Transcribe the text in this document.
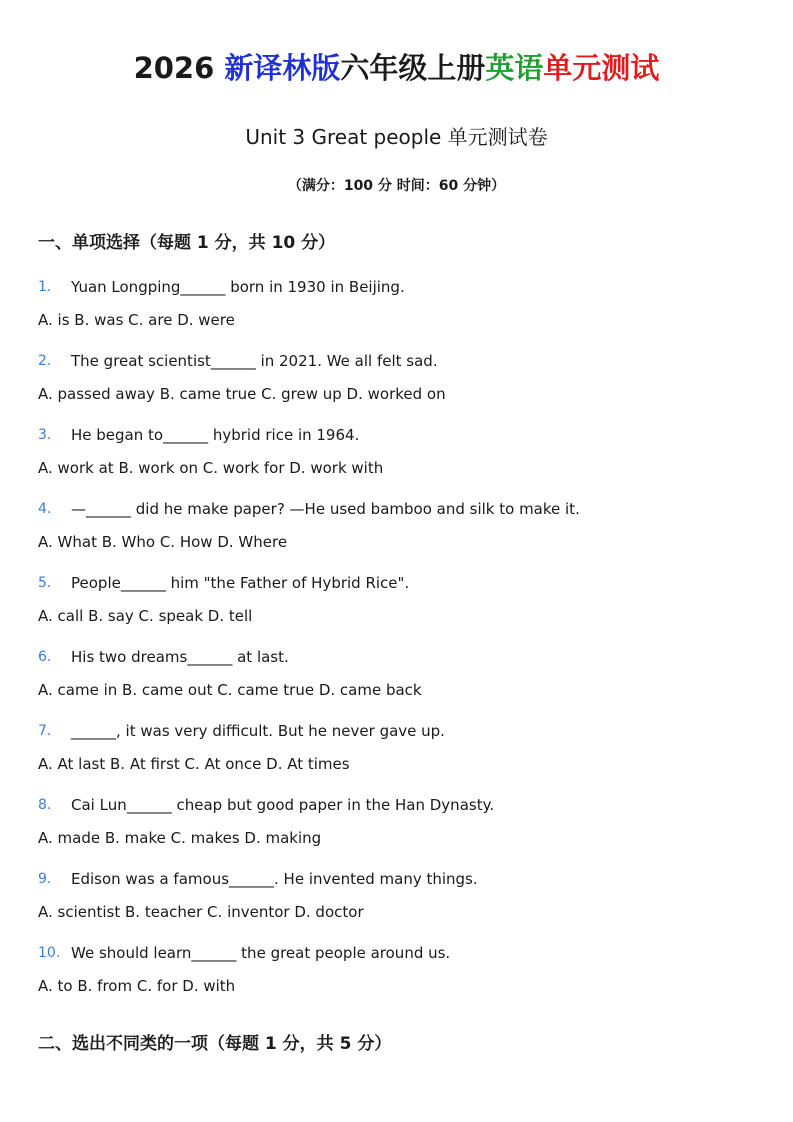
2026 新译林版六年级上册英语单元测试
Unit 3 Great people 单元测试卷
（满分：100 分 时间：60 分钟）
一、单项选择（每题 1 分，共 10 分）
1. Yuan Longping______ born in 1930 in Beijing.
A. is B. was C. are D. were
2. The great scientist______ in 2021. We all felt sad.
A. passed away B. came true C. grew up D. worked on
3. He began to______ hybrid rice in 1964.
A. work at B. work on C. work for D. work with
4. —______ did he make paper? —He used bamboo and silk to make it.
A. What B. Who C. How D. Where
5. People______ him "the Father of Hybrid Rice".
A. call B. say C. speak D. tell
6. His two dreams______ at last.
A. came in B. came out C. came true D. came back
7. ______, it was very difficult. But he never gave up.
A. At last B. At first C. At once D. At times
8. Cai Lun______ cheap but good paper in the Han Dynasty.
A. made B. make C. makes D. making
9. Edison was a famous______. He invented many things.
A. scientist B. teacher C. inventor D. doctor
10. We should learn______ the great people around us.
A. to B. from C. for D. with
二、选出不同类的一项（每题 1 分，共 5 分）
